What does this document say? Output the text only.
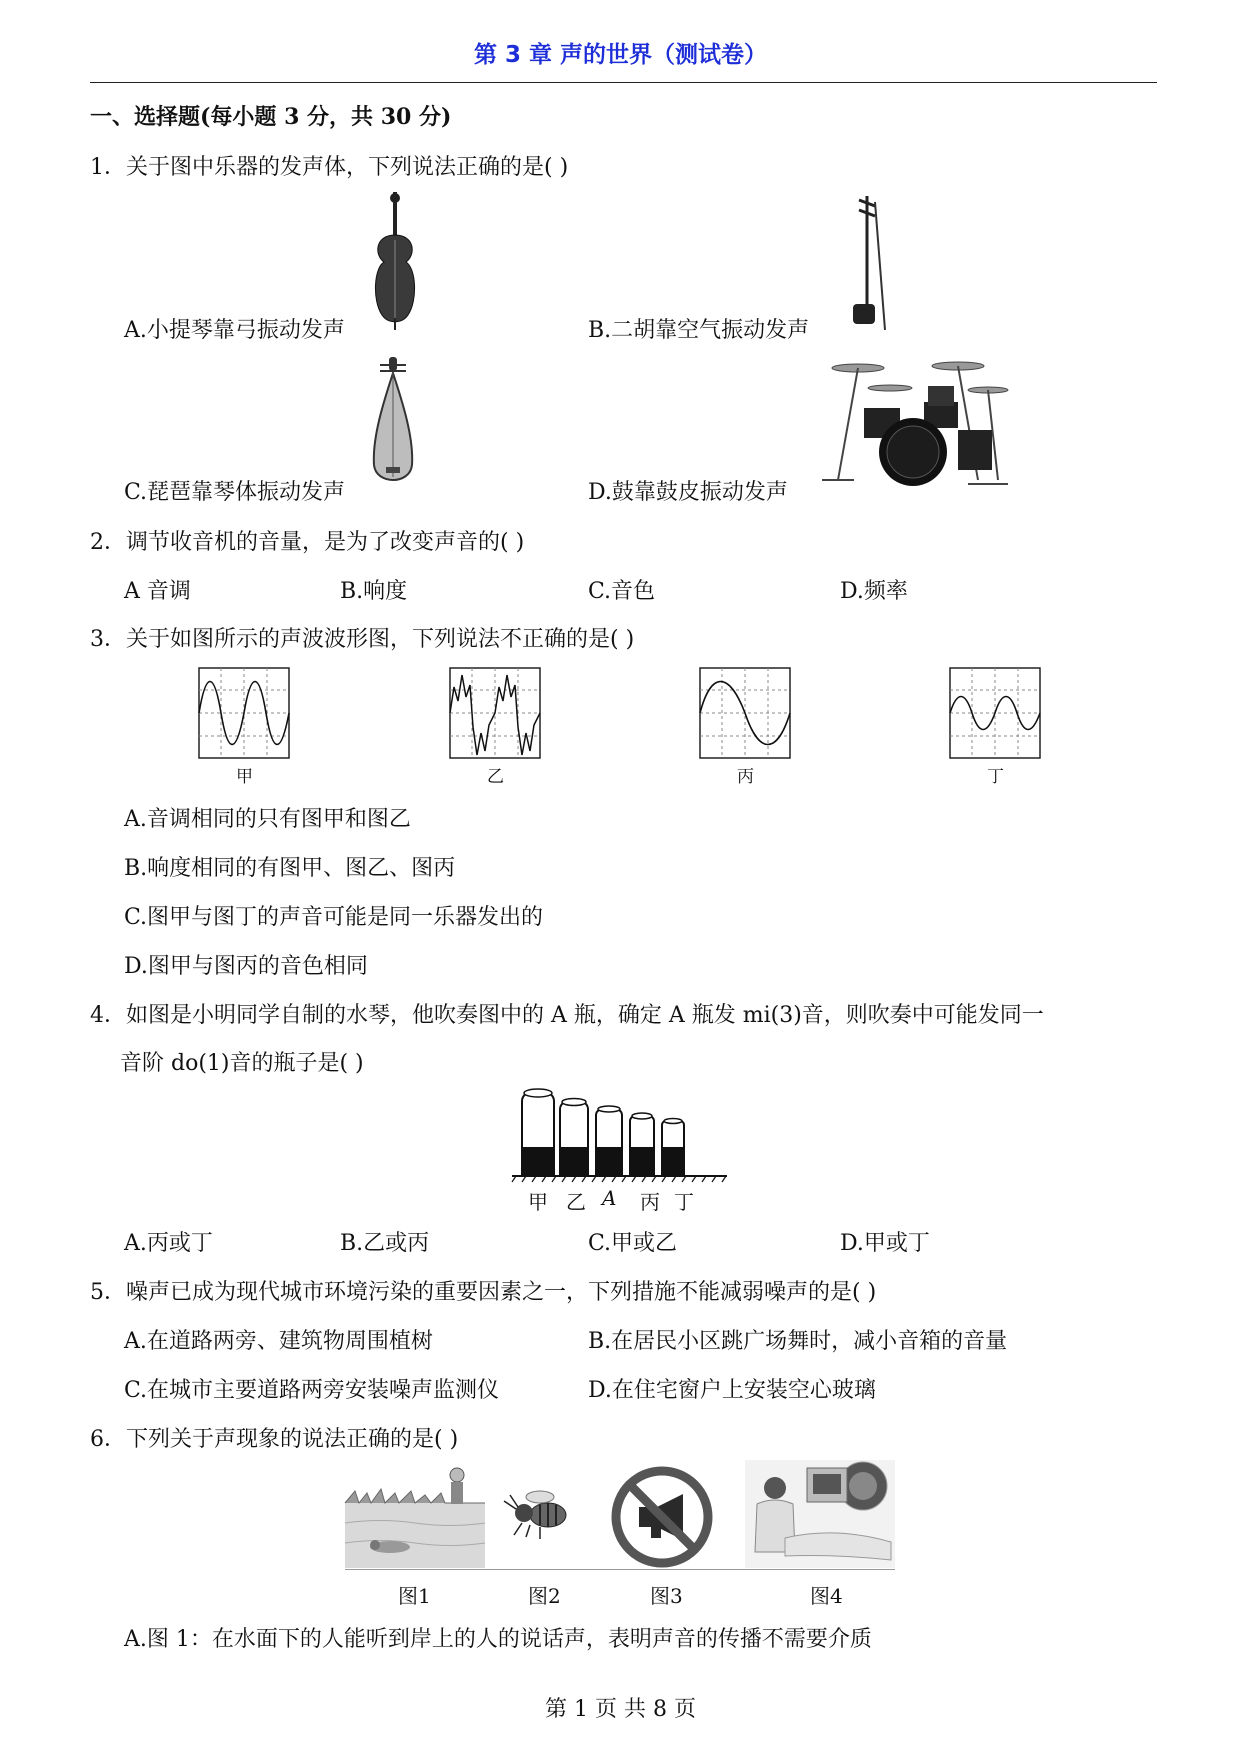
第 3 章 声的世界（测试卷）
一、选择题(每小题 3 分，共 30 分)
1．关于图中乐器的发声体，下列说法正确的是( )
A.小提琴靠弓振动发声	B.二胡靠空气振动发声
C.琵琶靠琴体振动发声	D.鼓靠鼓皮振动发声
2．调节收音机的音量，是为了改变声音的( )
A 音调	B.响度	C.音色	D.频率
3．关于如图所示的声波波形图，下列说法不正确的是( )
甲	乙	丙	丁
A.音调相同的只有图甲和图乙
B.响度相同的有图甲、图乙、图丙
C.图甲与图丁的声音可能是同一乐器发出的
D.图甲与图丙的音色相同
4．如图是小明同学自制的水琴，他吹奏图中的 A 瓶，确定 A 瓶发 mi(3)音，则吹奏中可能发同一
音阶 do(1)音的瓶子是( )
甲 乙 A 丙 丁
A.丙或丁	B.乙或丙	C.甲或乙	D.甲或丁
5．噪声已成为现代城市环境污染的重要因素之一，下列措施不能减弱噪声的是( )
A.在道路两旁、建筑物周围植树	B.在居民小区跳广场舞时，减小音箱的音量
C.在城市主要道路两旁安装噪声监测仪	D.在住宅窗户上安装空心玻璃
6．下列关于声现象的说法正确的是( )
图1	图2	图3	图4
A.图 1：在水面下的人能听到岸上的人的说话声，表明声音的传播不需要介质
第 1 页 共 8 页
